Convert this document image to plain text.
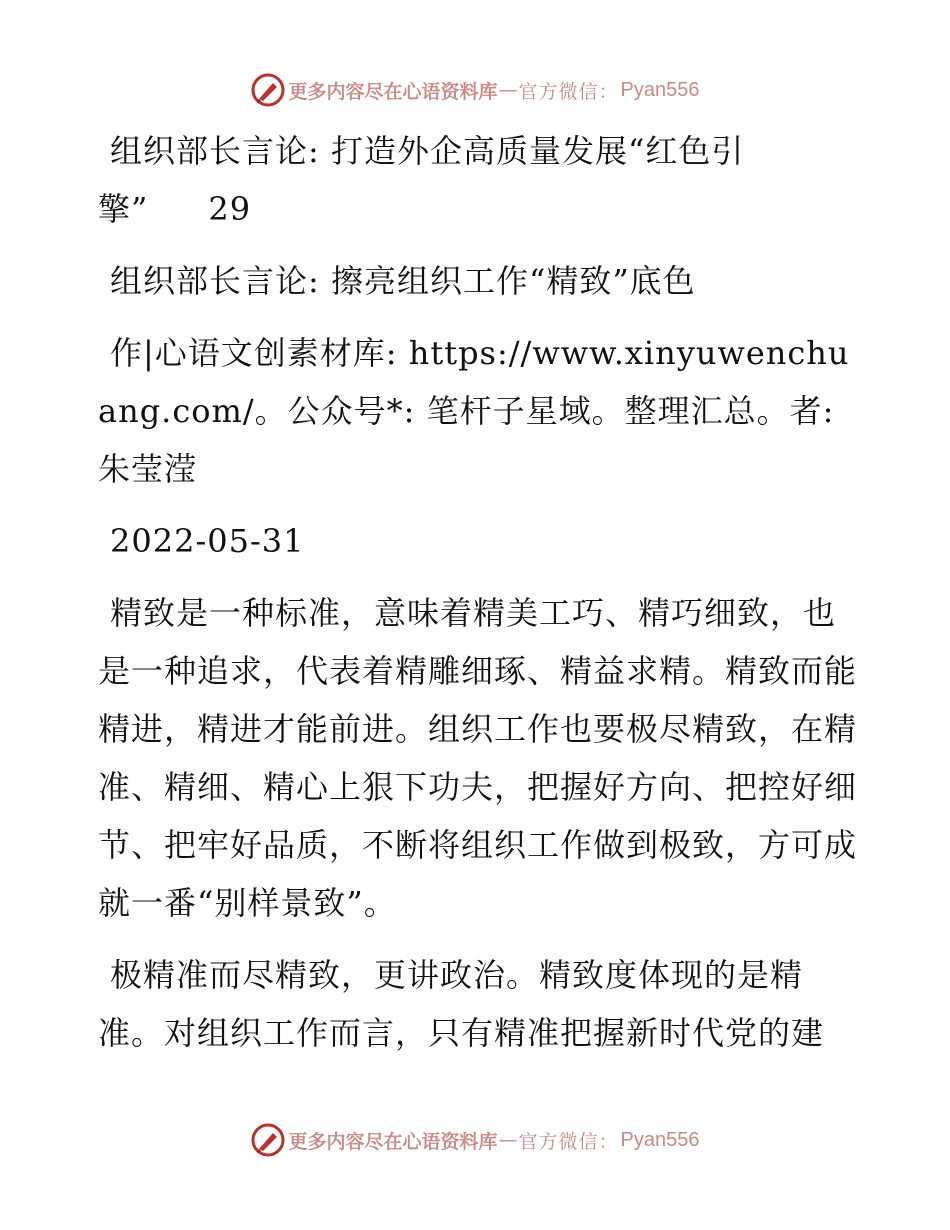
更多内容尽在心语资料库 — 官方微信： Pyan556

组织部长言论: 打造外企高质量发展“红色引擎” 29

组织部长言论: 擦亮组织工作“精致”底色

作|心语文创素材库: https://www.xinyuwenchuang.com/。公众号*: 笔杆子星域。整理汇总。者: 朱莹滢

2022-05-31

精致是一种标准，意味着精美工巧、精巧细致，也是一种追求，代表着精雕细琢、精益求精。精致而能精进，精进才能前进。组织工作也要极尽精致，在精准、精细、精心上狠下功夫，把握好方向、把控好细节、把牢好品质，不断将组织工作做到极致，方可成就一番“别样景致”。

极精准而尽精致，更讲政治。精致度体现的是精准。对组织工作而言，只有精准把握新时代党的建

更多内容尽在心语资料库 — 官方微信： Pyan556
